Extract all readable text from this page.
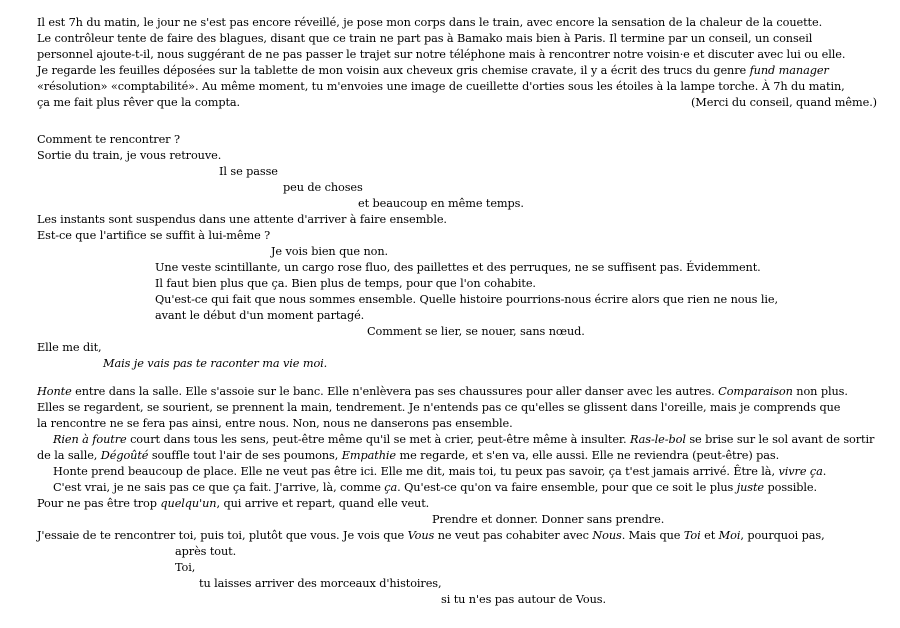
Il est 7h du matin, le jour ne s'est pas encore réveillé, je pose mon corps dans le train, avec encore la sensation de la chaleur de la couette.
Le contrôleur tente de faire des blagues, disant que ce train ne part pas à Bamako mais bien à Paris. Il termine par un conseil, un conseil
personnel ajoute-t-il, nous suggérant de ne pas passer le trajet sur notre téléphone mais à rencontrer notre voisin·e et discuter avec lui ou elle.
Je regarde les feuilles déposées sur la tablette de mon voisin aux cheveux gris chemise cravate, il y a écrit des trucs du genre fund manager
«résolution» «comptabilité». Au même moment, tu m'envoies une image de cueillette d'orties sous les étoiles à la lampe torche. À 7h du matin,
ça me fait plus rêver que la compta.	(Merci du conseil, quand même.)
Comment te rencontrer ?
Sortie du train, je vous retrouve.
Il se passe
peu de choses
et beaucoup en même temps.
Les instants sont suspendus dans une attente d'arriver à faire ensemble.
Est-ce que l'artifice se suffit à lui-même ?
Je vois bien que non.
Une veste scintillante, un cargo rose fluo, des paillettes et des perruques, ne se suffisent pas. Évidemment.
Il faut bien plus que ça. Bien plus de temps, pour que l'on cohabite.
Qu'est-ce qui fait que nous sommes ensemble. Quelle histoire pourrions-nous écrire alors que rien ne nous lie,
avant le début d'un moment partagé.
Comment se lier, se nouer, sans nœud.
Elle me dit,
Mais je vais pas te raconter ma vie moi.
Honte entre dans la salle. Elle s'assoie sur le banc. Elle n'enlèvera pas ses chaussures pour aller danser avec les autres. Comparaison non plus.
Elles se regardent, se sourient, se prennent la main, tendrement. Je n'entends pas ce qu'elles se glissent dans l'oreille, mais je comprends que
la rencontre ne se fera pas ainsi, entre nous. Non, nous ne danserons pas ensemble.
Rien à foutre court dans tous les sens, peut-être même qu'il se met à crier, peut-être même à insulter. Ras-le-bol se brise sur le sol avant de sortir
de la salle, Dégoûté souffle tout l'air de ses poumons, Empathie me regarde, et s'en va, elle aussi. Elle ne reviendra (peut-être) pas.
Honte prend beaucoup de place. Elle ne veut pas être ici. Elle me dit, mais toi, tu peux pas savoir, ça t'est jamais arrivé. Être là, vivre ça.
C'est vrai, je ne sais pas ce que ça fait. J'arrive, là, comme ça. Qu'est-ce qu'on va faire ensemble, pour que ce soit le plus juste possible.
Pour ne pas être trop quelqu'un, qui arrive et repart, quand elle veut.
Prendre et donner. Donner sans prendre.
J'essaie de te rencontrer toi, puis toi, plutôt que vous. Je vois que Vous ne veut pas cohabiter avec Nous. Mais que Toi et Moi, pourquoi pas,
après tout.
Toi,
tu laisses arriver des morceaux d'histoires,
si tu n'es pas autour de Vous.
